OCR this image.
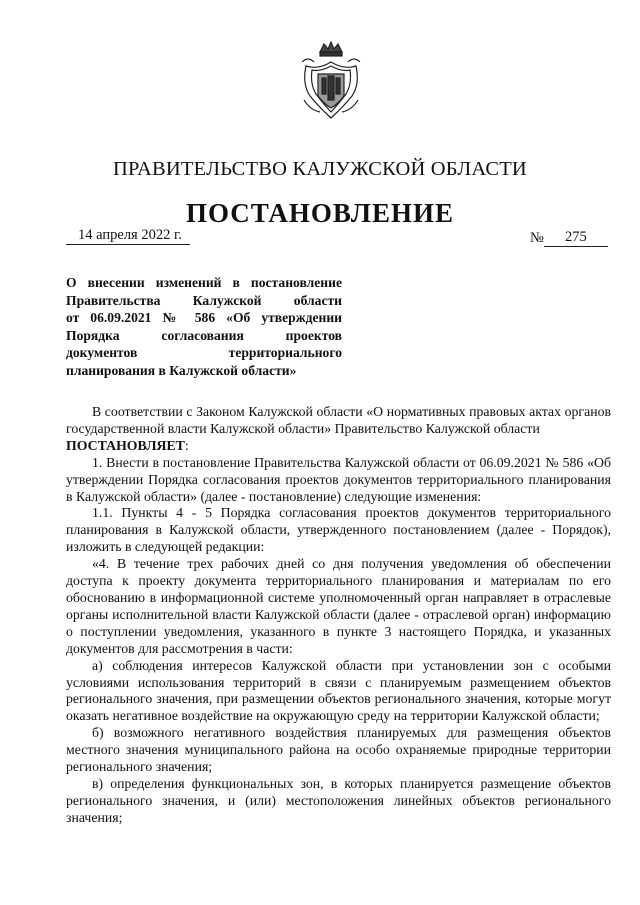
ПРАВИТЕЛЬСТВО КАЛУЖСКОЙ ОБЛАСТИ
ПОСТАНОВЛЕНИЕ
14 апреля 2022 г.	№ 275

О внесении изменений в постановление

Правительства Калужской области

от 06.09.2021 № 586 «Об утверждении

Порядка согласования проектов

документов территориального

планирования в Калужской области»

В соответствии с Законом Калужской области «О нормативных правовых актах органов государственной власти Калужской области» Правительство Калужской области
ПОСТАНОВЛЯЕТ:

1. Внести в постановление Правительства Калужской области от 06.09.2021 № 586 «Об утверждении Порядка согласования проектов документов территориального планирования в Калужской области» (далее - постановление) следующие изменения:

1.1. Пункты 4 - 5 Порядка согласования проектов документов территориального планирования в Калужской области, утвержденного постановлением (далее - Порядок), изложить в следующей редакции:

«4. В течение трех рабочих дней со дня получения уведомления об обеспечении доступа к проекту документа территориального планирования и материалам по его обоснованию в информационной системе уполномоченный орган направляет в отраслевые органы исполнительной власти Калужской области (далее - отраслевой орган) информацию о поступлении уведомления, указанного в пункте 3 настоящего Порядка, и указанных документов для рассмотрения в части:

а) соблюдения интересов Калужской области при установлении зон с особыми условиями использования территорий в связи с планируемым размещением объектов регионального значения, при размещении объектов регионального значения, которые могут оказать негативное воздействие на окружающую среду на территории Калужской области;

б) возможного негативного воздействия планируемых для размещения объектов местного значения муниципального района на особо охраняемые природные территории регионального значения;

в) определения функциональных зон, в которых планируется размещение объектов регионального значения, и (или) местоположения линейных объектов регионального значения;
